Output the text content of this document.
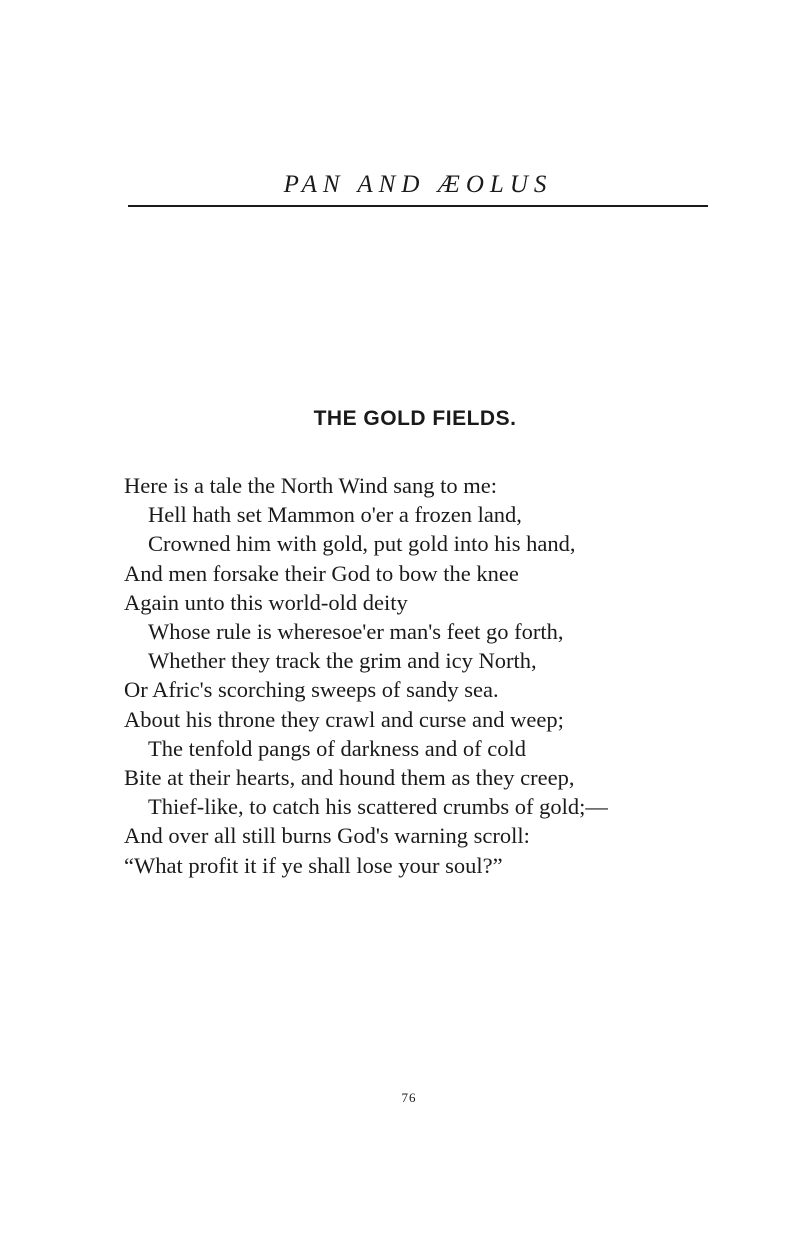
PAN AND ÆOLUS
THE GOLD FIELDS.
Here is a tale the North Wind sang to me:
Hell hath set Mammon o'er a frozen land,
Crowned him with gold, put gold into his hand,
And men forsake their God to bow the knee
Again unto this world-old deity
Whose rule is wheresoe'er man's feet go forth,
Whether they track the grim and icy North,
Or Afric's scorching sweeps of sandy sea.
About his throne they crawl and curse and weep;
The tenfold pangs of darkness and of cold
Bite at their hearts, and hound them as they creep,
Thief-like, to catch his scattered crumbs of gold;—
And over all still burns God's warning scroll:
“What profit it if ye shall lose your soul?”
76
